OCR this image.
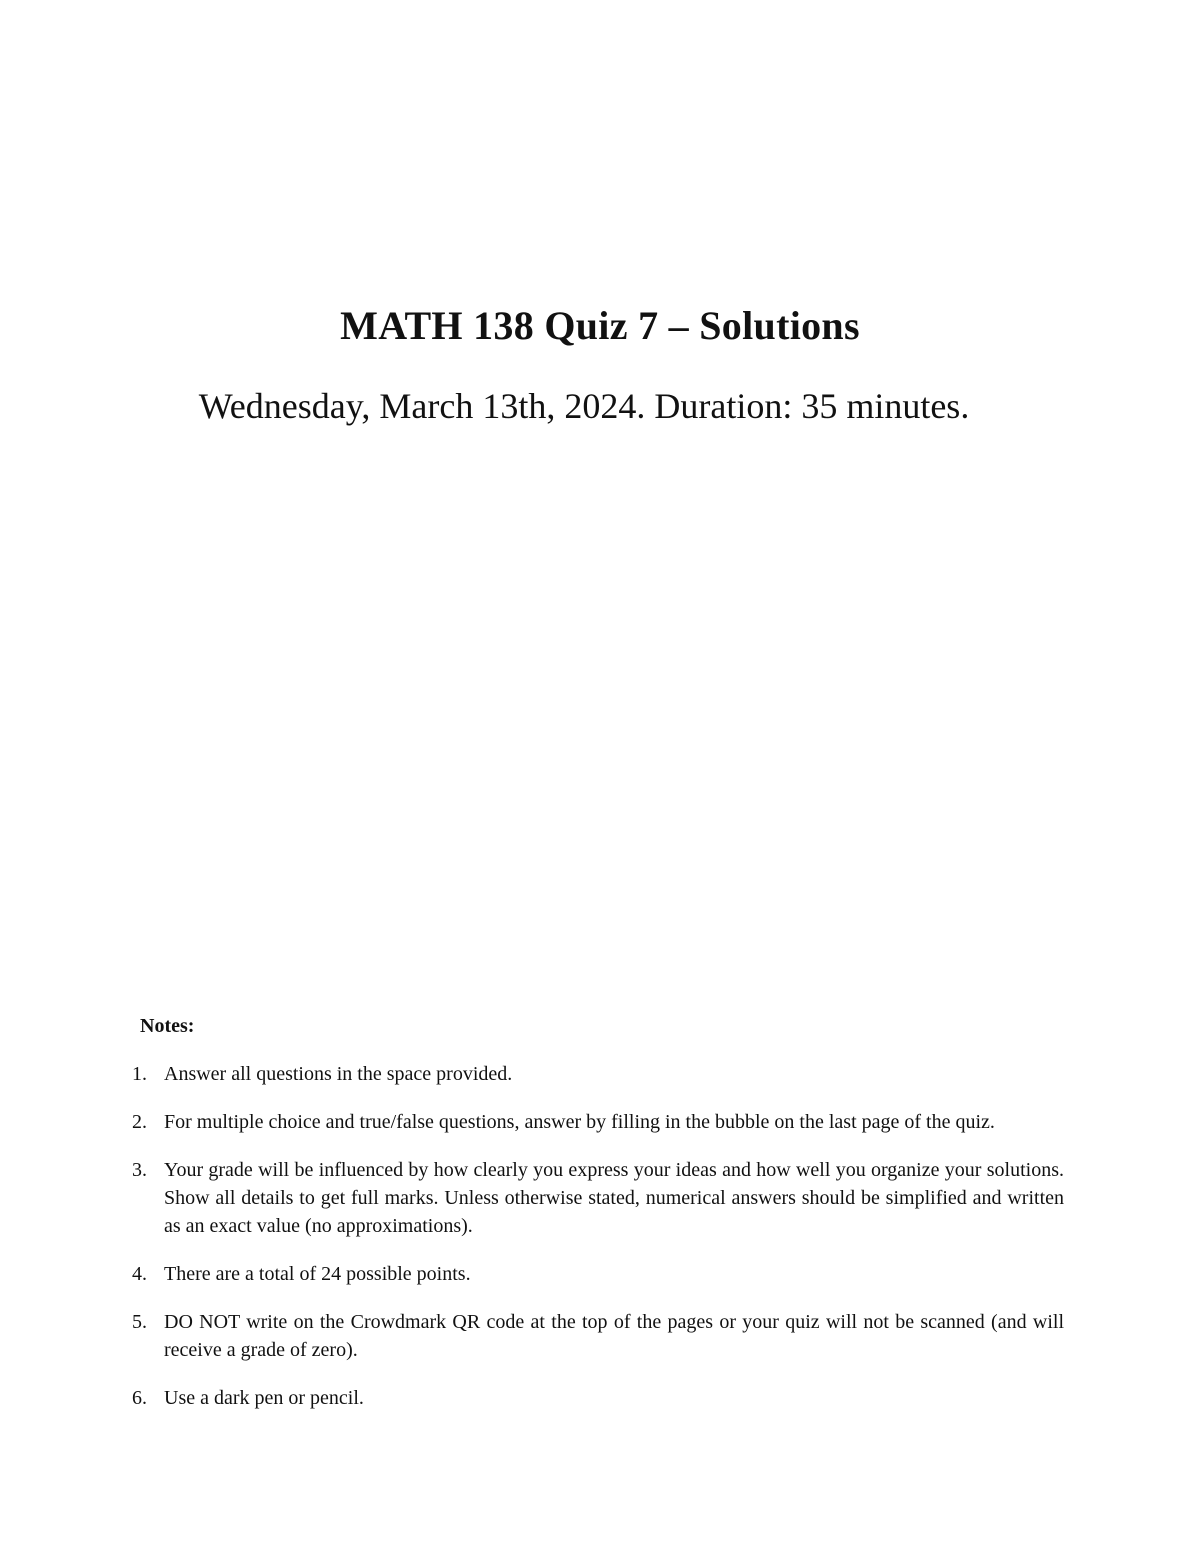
MATH 138 Quiz 7 – Solutions
Wednesday, March 13th, 2024. Duration: 35 minutes.
Notes:
1. Answer all questions in the space provided.
2. For multiple choice and true/false questions, answer by filling in the bubble on the last page of the quiz.
3. Your grade will be influenced by how clearly you express your ideas and how well you organize your solutions. Show all details to get full marks. Unless otherwise stated, numerical answers should be simplified and written as an exact value (no approximations).
4. There are a total of 24 possible points.
5. DO NOT write on the Crowdmark QR code at the top of the pages or your quiz will not be scanned (and will receive a grade of zero).
6. Use a dark pen or pencil.
